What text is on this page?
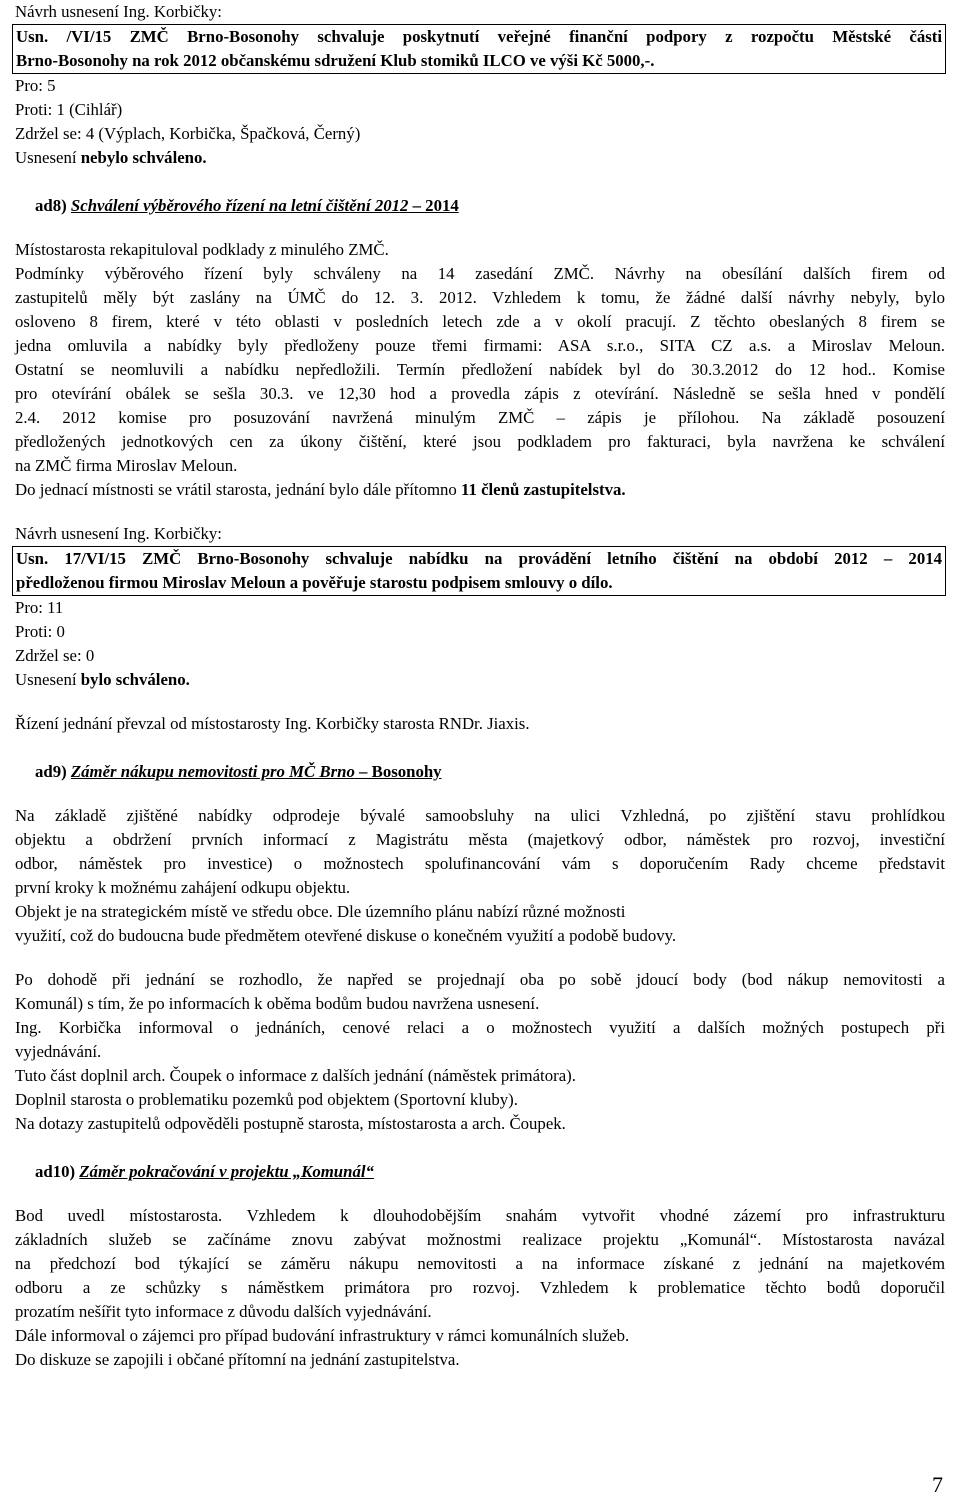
Návrh usnesení Ing. Korbičky:
Usn. /VI/15 ZMČ Brno-Bosonohy schvaluje poskytnutí veřejné finanční podpory z rozpočtu Městské části
Brno-Bosonohy na rok 2012 občanskému sdružení Klub stomiků ILCO ve výši Kč 5000,-.
Pro: 5
Proti: 1 (Cihlář)
Zdržel se: 4 (Výplach, Korbička, Špačková, Černý)
Usnesení nebylo schváleno.
ad8) Schválení výběrového řízení na letní čištění 2012 – 2014
Místostarosta rekapituloval podklady z minulého ZMČ.
Podmínky výběrového řízení byly schváleny na 14 zasedání ZMČ. Návrhy na obesílání dalších firem od
zastupitelů měly být zaslány na ÚMČ do 12. 3. 2012. Vzhledem k tomu, že žádné další návrhy nebyly, bylo
osloveno 8 firem, které v této oblasti v posledních letech zde a v okolí pracují. Z těchto obeslaných 8 firem se
jedna omluvila a nabídky byly předloženy pouze třemi firmami: ASA s.r.o., SITA CZ a.s. a Miroslav Meloun.
Ostatní se neomluvili a nabídku nepředložili. Termín předložení nabídek byl do 30.3.2012 do 12 hod.. Komise
pro otevírání obálek se sešla 30.3. ve 12,30 hod a provedla zápis z otevírání. Následně se sešla hned v pondělí
2.4. 2012 komise pro posuzování navržená minulým ZMČ – zápis je přílohou. Na základě posouzení
předložených jednotkových cen za úkony čištění, které jsou podkladem pro fakturaci, byla navržena ke schválení
na ZMČ firma Miroslav Meloun.
Do jednací místnosti se vrátil starosta, jednání bylo dále přítomno 11 členů zastupitelstva.
Návrh usnesení Ing. Korbičky:
Usn. 17/VI/15 ZMČ Brno-Bosonohy schvaluje nabídku na provádění letního čištění na období 2012 – 2014
předloženou firmou Miroslav Meloun a pověřuje starostu podpisem smlouvy o dílo.
Pro: 11
Proti: 0
Zdržel se: 0
Usnesení bylo schváleno.
Řízení jednání převzal od místostarosty Ing. Korbičky starosta RNDr. Jiaxis.
ad9) Záměr nákupu nemovitosti pro MČ Brno – Bosonohy
Na základě zjištěné nabídky odprodeje bývalé samoobsluhy na ulici Vzhledná, po zjištění stavu prohlídkou
objektu a obdržení prvních informací z Magistrátu města (majetkový odbor, náměstek pro rozvoj, investiční
odbor, náměstek pro investice) o možnostech spolufinancování vám s doporučením Rady chceme představit
první kroky k možnému zahájení odkupu objektu.
Objekt je na strategickém místě ve středu obce. Dle územního plánu nabízí různé možnosti
využití, což do budoucna bude předmětem otevřené diskuse o konečném využití a podobě budovy.
Po dohodě při jednání se rozhodlo, že napřed se projednají oba po sobě jdoucí body (bod nákup nemovitosti a
Komunál) s tím, že po informacích k oběma bodům budou navržena usnesení.
Ing. Korbička informoval o jednáních, cenové relaci a o možnostech využití a dalších možných postupech při
vyjednávání.
Tuto část doplnil arch. Čoupek o informace z dalších jednání (náměstek primátora).
Doplnil starosta o problematiku pozemků pod objektem (Sportovní kluby).
Na dotazy zastupitelů odpověděli postupně starosta, místostarosta a arch. Čoupek.
ad10) Záměr pokračování v projektu „Komunál“
Bod uvedl místostarosta. Vzhledem k dlouhodobějším snahám vytvořit vhodné zázemí pro infrastrukturu
základních služeb se začínáme znovu zabývat možnostmi realizace projektu „Komunál“. Místostarosta navázal
na předchozí bod týkající se záměru nákupu nemovitosti a na informace získané z jednání na majetkovém
odboru a ze schůzky s náměstkem primátora pro rozvoj. Vzhledem k problematice těchto bodů doporučil
prozatím nešířit tyto informace z důvodu dalších vyjednávání.
Dále informoval o zájemci pro případ budování infrastruktury v rámci komunálních služeb.
Do diskuze se zapojili i občané přítomní na jednání zastupitelstva.
7
